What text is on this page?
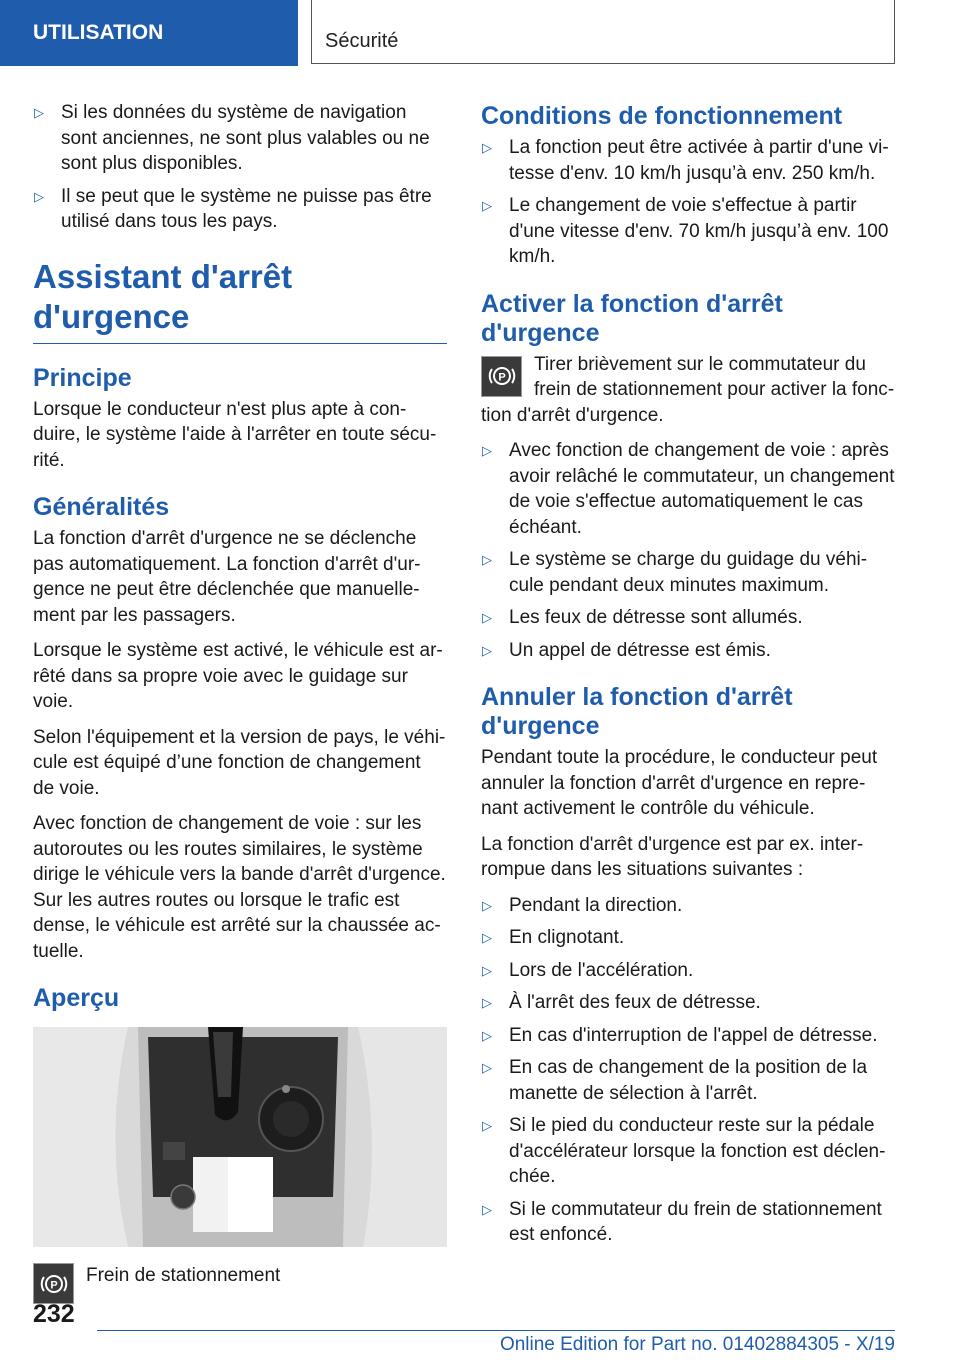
UTILISATION	Sécurité
▷ Si les données du système de navigation sont anciennes, ne sont plus valables ou ne sont plus disponibles.
▷ Il se peut que le système ne puisse pas être utilisé dans tous les pays.
Assistant d'arrêt d'urgence
Principe

Lorsque le conducteur n'est plus apte à conduire, le système l'aide à l'arrêter en toute sécurité.

Généralités

La fonction d'arrêt d'urgence ne se déclenche pas automatiquement. La fonction d'arrêt d'urgence ne peut être déclenchée que manuellement par les passagers.

Lorsque le système est activé, le véhicule est arrêté dans sa propre voie avec le guidage sur voie.

Selon l'équipement et la version de pays, le véhicule est équipé d’une fonction de changement de voie.

Avec fonction de changement de voie : sur les autoroutes ou les routes similaires, le système dirige le véhicule vers la bande d'arrêt d'urgence. Sur les autres routes ou lorsque le trafic est dense, le véhicule est arrêté sur la chaussée actuelle.

Aperçu
P Frein de stationnement
Conditions de fonctionnement
▷ La fonction peut être activée à partir d'une vitesse d'env. 10 km/h jusqu’à env. 250 km/h.
▷ Le changement de voie s'effectue à partir d'une vitesse d'env. 70 km/h jusqu’à env. 100 km/h.
Activer la fonction d'arrêt d'urgence
P
Tirer brièvement sur le commutateur du frein de stationnement pour activer la fonction d'arrêt d'urgence.
▷ Avec fonction de changement de voie : après avoir relâché le commutateur, un changement de voie s'effectue automatiquement le cas échéant.
▷ Le système se charge du guidage du véhicule pendant deux minutes maximum.
▷ Les feux de détresse sont allumés.
▷ Un appel de détresse est émis.
Annuler la fonction d'arrêt d'urgence

Pendant toute la procédure, le conducteur peut annuler la fonction d'arrêt d'urgence en reprenant activement le contrôle du véhicule.

La fonction d'arrêt d'urgence est par ex. interrompue dans les situations suivantes :

▷ Pendant la direction.
▷ En clignotant.
▷ Lors de l'accélération.
▷ À l'arrêt des feux de détresse.
▷ En cas d'interruption de l'appel de détresse.
▷ En cas de changement de la position de la manette de sélection à l'arrêt.
▷ Si le pied du conducteur reste sur la pédale d'accélérateur lorsque la fonction est déclenchée.
▷ Si le commutateur du frein de stationnement est enfoncé.
232
Online Edition for Part no. 01402884305 - X/19
